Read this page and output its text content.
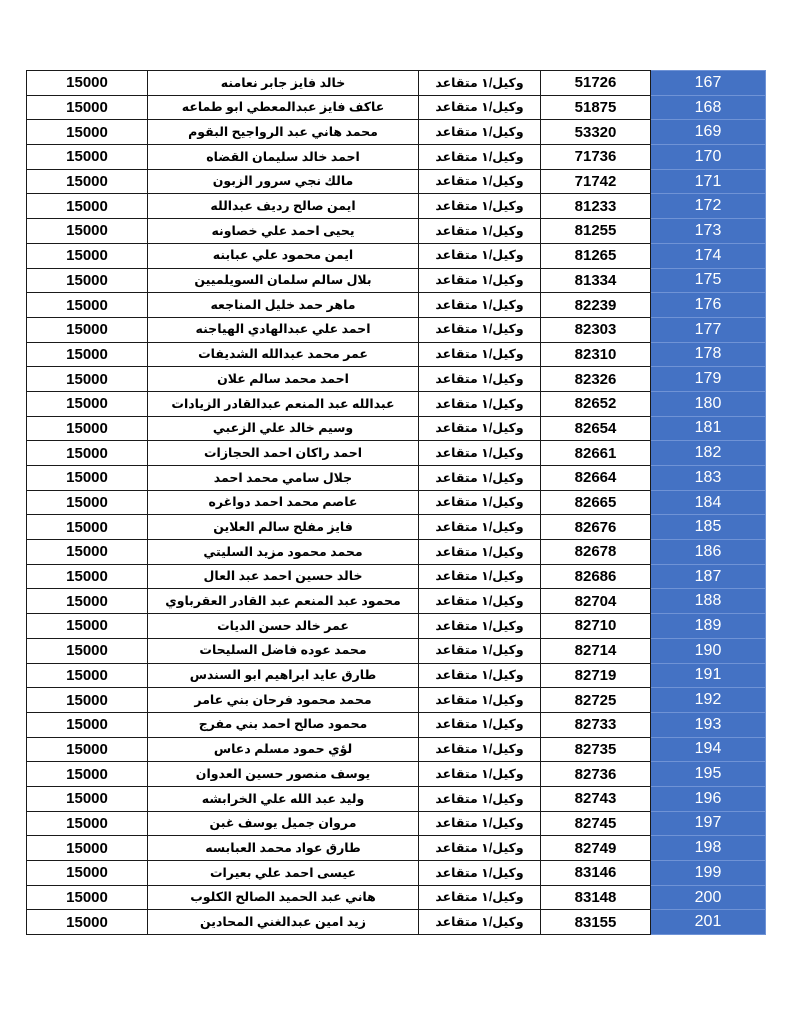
15000	خالد فايز جابر نعامنه	وكيل/١ متقاعد	51726	167
15000	عاكف فايز عبدالمعطي ابو طماعه	وكيل/١ متقاعد	51875	168
15000	محمد هاني عبد الرواجيح البقوم	وكيل/١ متقاعد	53320	169
15000	احمد خالد سليمان القضاه	وكيل/١ متقاعد	71736	170
15000	مالك نجي سرور الزبون	وكيل/١ متقاعد	71742	171
15000	ايمن صالح رديف عبدالله	وكيل/١ متقاعد	81233	172
15000	يحيى احمد علي خصاونه	وكيل/١ متقاعد	81255	173
15000	ايمن محمود علي عبابنه	وكيل/١ متقاعد	81265	174
15000	بلال سالم سلمان السويلميين	وكيل/١ متقاعد	81334	175
15000	ماهر حمد خليل المناجعه	وكيل/١ متقاعد	82239	176
15000	احمد علي عبدالهادي الهياجنه	وكيل/١ متقاعد	82303	177
15000	عمر محمد عبدالله الشديفات	وكيل/١ متقاعد	82310	178
15000	احمد محمد سالم علان	وكيل/١ متقاعد	82326	179
15000	عبدالله عبد المنعم عبدالقادر الزيادات	وكيل/١ متقاعد	82652	180
15000	وسيم خالد علي الزعبي	وكيل/١ متقاعد	82654	181
15000	احمد راكان احمد الحجازات	وكيل/١ متقاعد	82661	182
15000	جلال سامي محمد احمد	وكيل/١ متقاعد	82664	183
15000	عاصم محمد احمد دواغره	وكيل/١ متقاعد	82665	184
15000	فايز مفلح سالم العلاين	وكيل/١ متقاعد	82676	185
15000	محمد محمود مزيد السليتي	وكيل/١ متقاعد	82678	186
15000	خالد حسين احمد عبد العال	وكيل/١ متقاعد	82686	187
15000	محمود عبد المنعم عبد القادر العقرباوي	وكيل/١ متقاعد	82704	188
15000	عمر خالد حسن الديات	وكيل/١ متقاعد	82710	189
15000	محمد عوده فاضل السليحات	وكيل/١ متقاعد	82714	190
15000	طارق عايد ابراهيم ابو السندس	وكيل/١ متقاعد	82719	191
15000	محمد محمود فرحان بني عامر	وكيل/١ متقاعد	82725	192
15000	محمود صالح احمد بني مفرج	وكيل/١ متقاعد	82733	193
15000	لؤي حمود مسلم دعاس	وكيل/١ متقاعد	82735	194
15000	يوسف منصور حسين العدوان	وكيل/١ متقاعد	82736	195
15000	وليد عبد الله علي الخرابشه	وكيل/١ متقاعد	82743	196
15000	مروان جميل يوسف غبن	وكيل/١ متقاعد	82745	197
15000	طارق عواد محمد العبابسه	وكيل/١ متقاعد	82749	198
15000	عيسى احمد علي بعيرات	وكيل/١ متقاعد	83146	199
15000	هاني عبد الحميد الصالح الكلوب	وكيل/١ متقاعد	83148	200
15000	زيد امين عبدالغني المحادين	وكيل/١ متقاعد	83155	201
